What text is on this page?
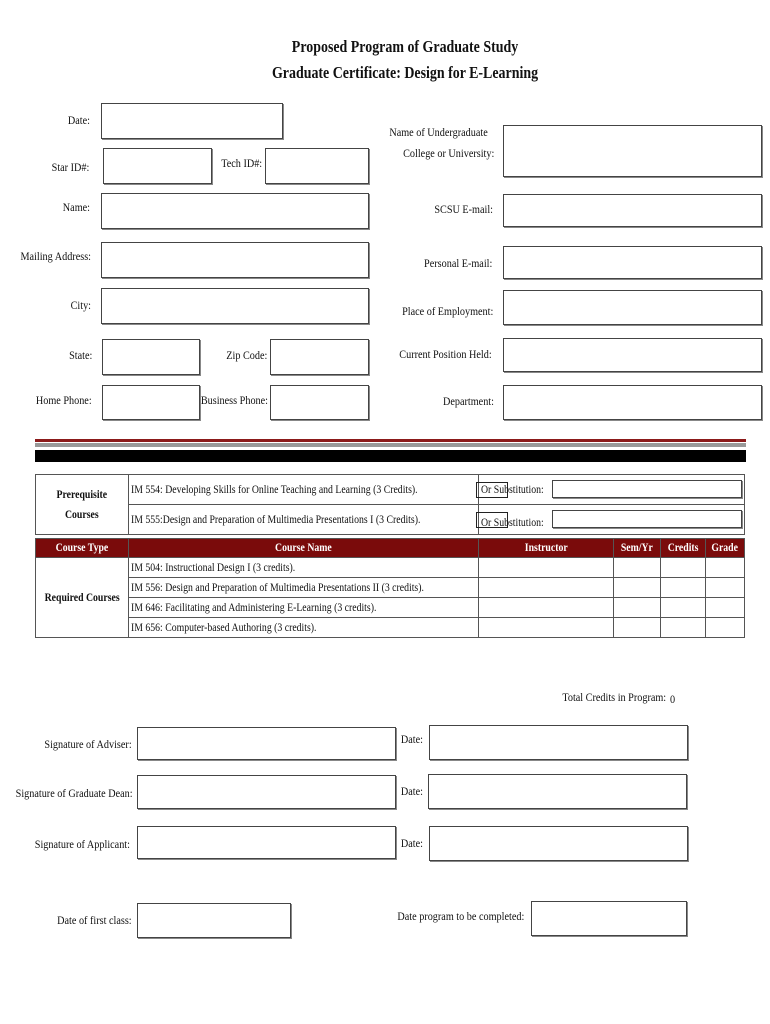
Proposed Program of Graduate Study
Graduate Certificate: Design for E-Learning
Date:
Star ID#:	Tech ID#:
Name:
Mailing Address:
City:
State:	Zip Code:
Home Phone:	Business Phone:
Name of Undergraduate
College or University:
SCSU E-mail:
Personal E-mail:
Place of Employment:
Current Position Held:
Department:
Prerequisite
Courses	IM 554: Developing Skills for Online Teaching and Learning (3 Credits).	Or Substitution:

	IM 555:Design and Preparation of Multimedia Presentations I (3 Credits).	Or Substitution:
Course Type	Course Name	Instructor	Sem/Yr	Credits	Grade
Required Courses	IM 504: Instructional Design I (3 credits).				
	IM 556: Design and Preparation of Multimedia Presentations II (3 credits).				
	IM 646: Facilitating and Administering E-Learning (3 credits).				
	IM 656: Computer-based Authoring (3 credits).				
Total Credits in Program: 0
Signature of Adviser:	Date:
Signature of Graduate Dean:	Date:
Signature of Applicant:	Date:
Date of first class:	Date program to be completed:
